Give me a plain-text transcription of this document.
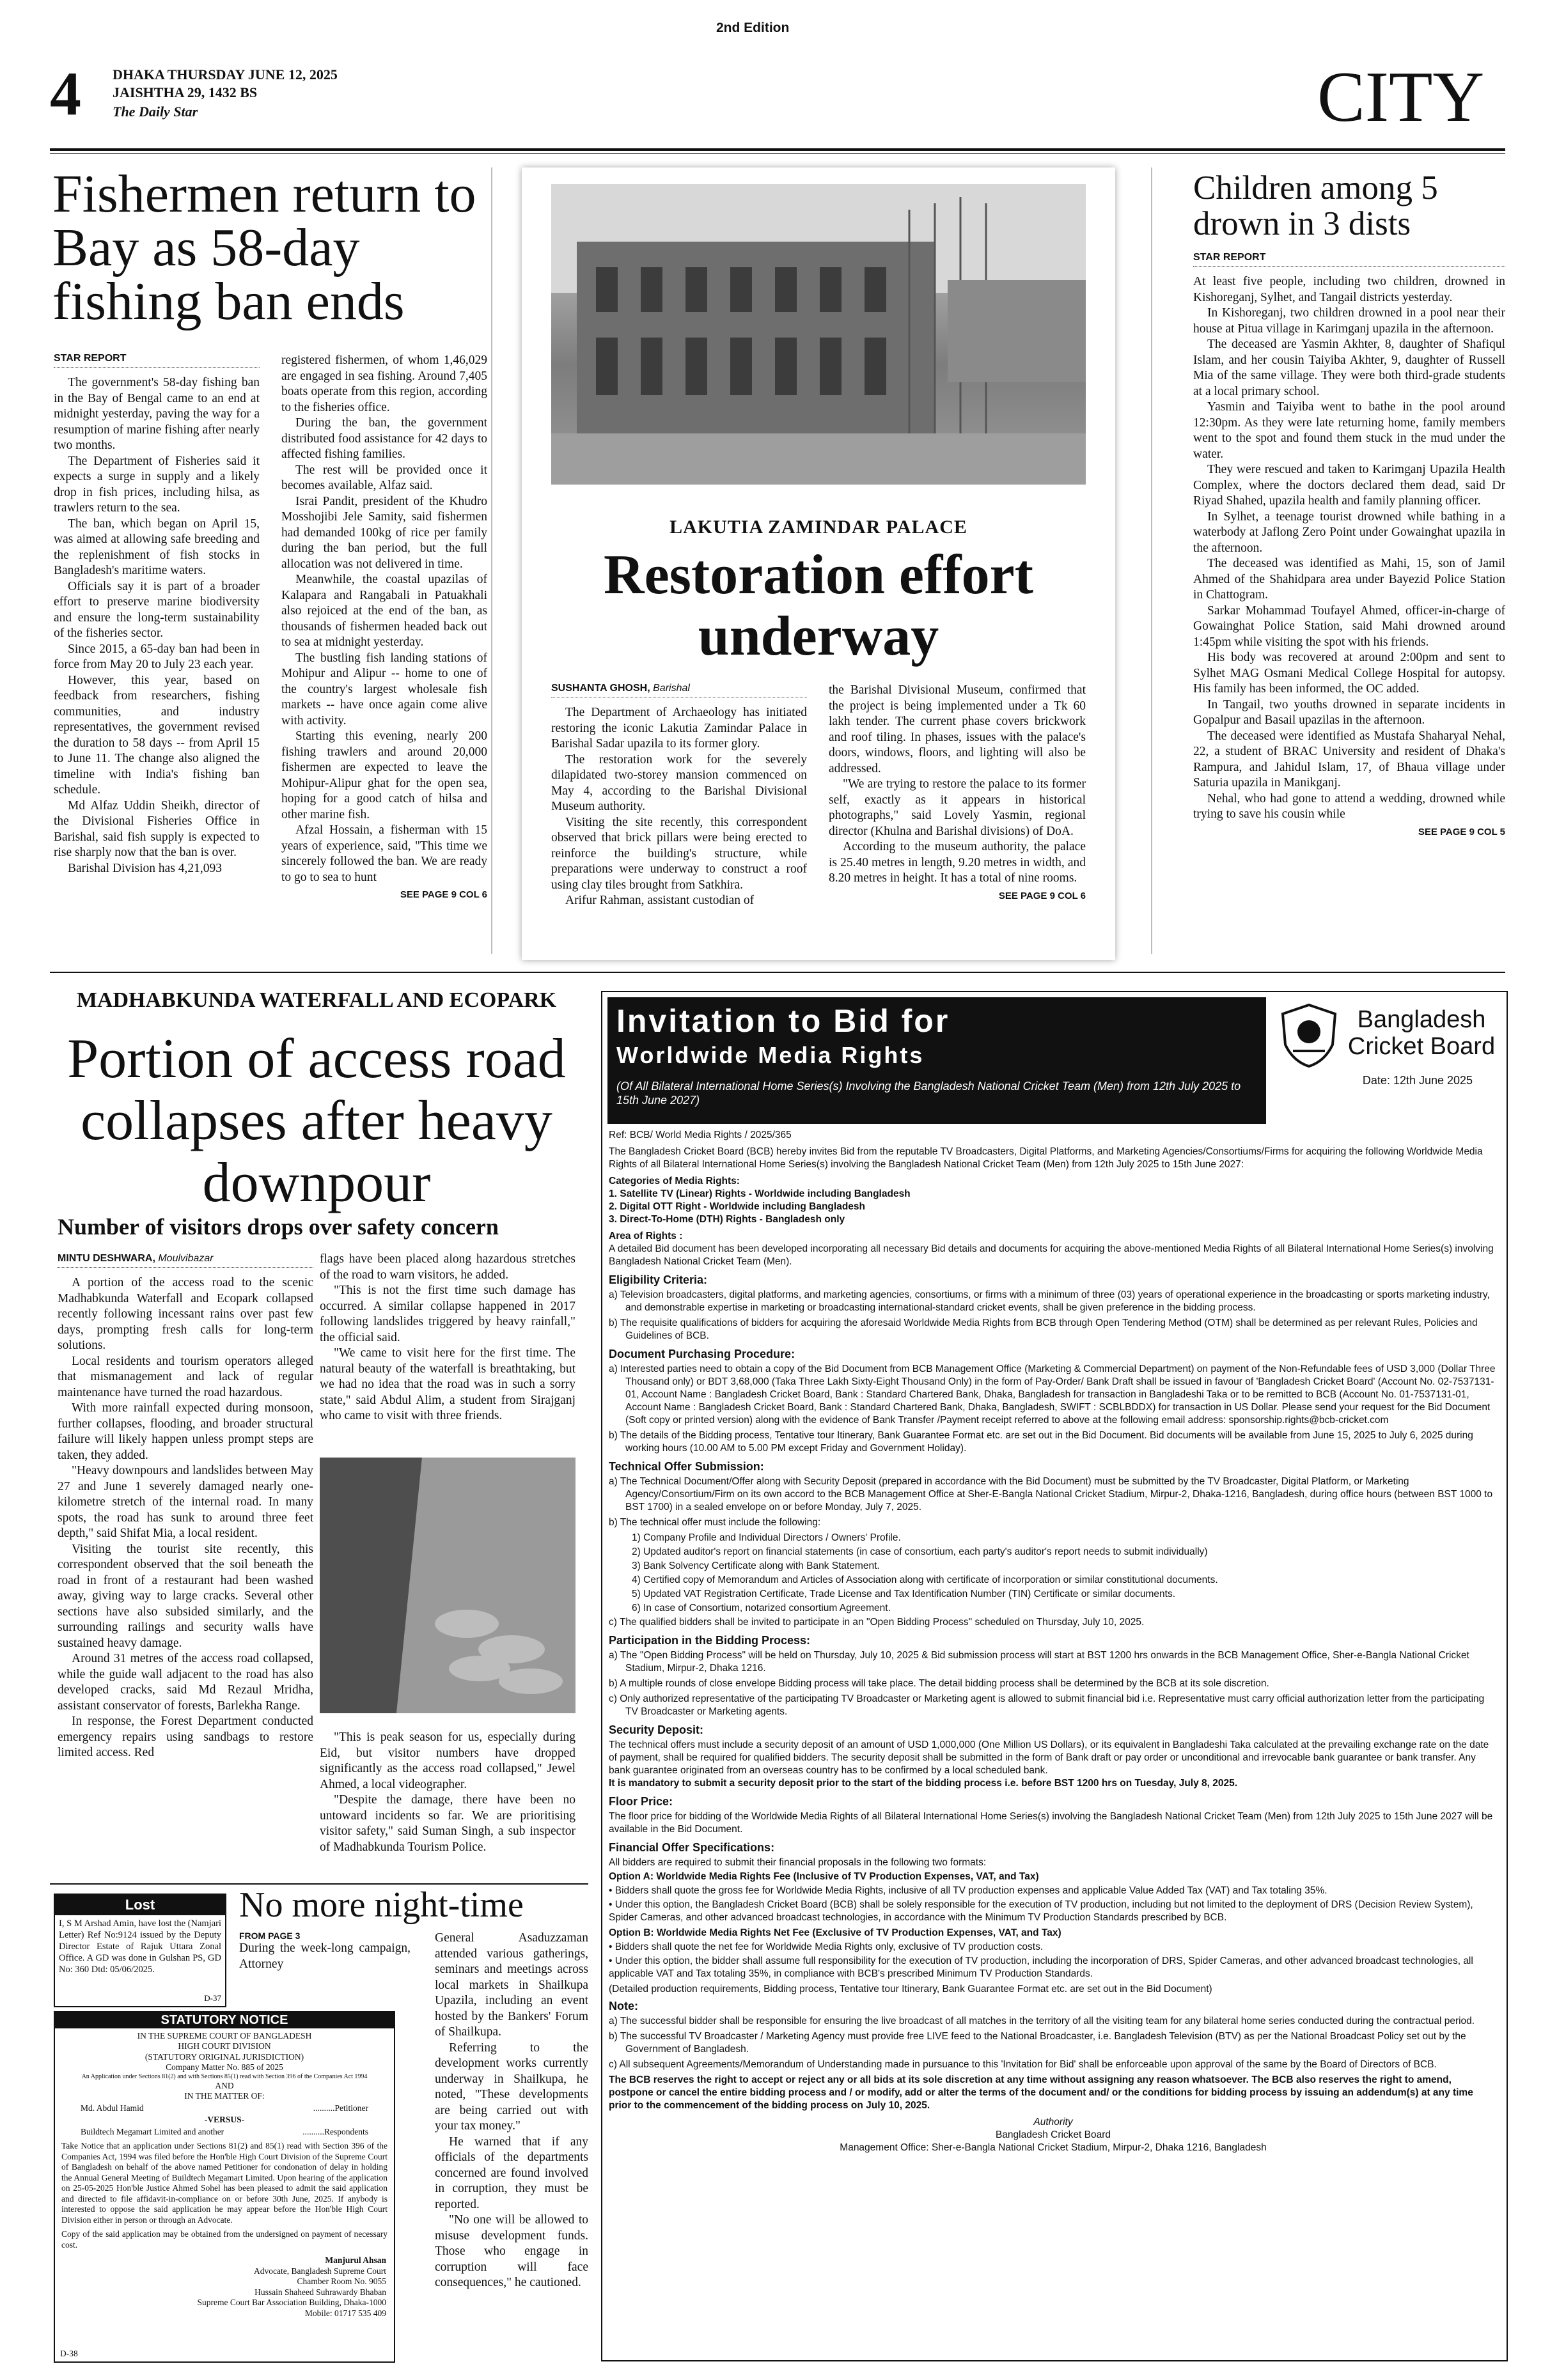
2nd Edition
4 DHAKA THURSDAY JUNE 12, 2025
JAISHTHA 29, 1432 BS
The Daily Star	CITY
Fishermen return to Bay as 58-day fishing ban ends
STAR REPORT

The government's 58-day fishing ban in the Bay of Bengal came to an end at midnight yesterday, paving the way for a resumption of marine fishing after nearly two months.

The Department of Fisheries said it expects a surge in supply and a likely drop in fish prices, including hilsa, as trawlers return to the sea.

The ban, which began on April 15, was aimed at allowing safe breeding and the replenishment of fish stocks in Bangladesh's maritime waters.

Officials say it is part of a broader effort to preserve marine biodiversity and ensure the long-term sustainability of the fisheries sector.

Since 2015, a 65-day ban had been in force from May 20 to July 23 each year.

However, this year, based on feedback from researchers, fishing communities, and industry representatives, the government revised the duration to 58 days -- from April 15 to June 11. The change also aligned the timeline with India's fishing ban schedule.

Md Alfaz Uddin Sheikh, director of the Divisional Fisheries Office in Barishal, said fish supply is expected to rise sharply now that the ban is over.

Barishal Division has 4,21,093

registered fishermen, of whom 1,46,029 are engaged in sea fishing. Around 7,405 boats operate from this region, according to the fisheries office.

During the ban, the government distributed food assistance for 42 days to affected fishing families.

The rest will be provided once it becomes available, Alfaz said.

Israi Pandit, president of the Khudro Mosshojibi Jele Samity, said fishermen had demanded 100kg of rice per family during the ban period, but the full allocation was not delivered in time.

Meanwhile, the coastal upazilas of Kalapara and Rangabali in Patuakhali also rejoiced at the end of the ban, as thousands of fishermen headed back out to sea at midnight yesterday.

The bustling fish landing stations of Mohipur and Alipur -- home to one of the country's largest wholesale fish markets -- have once again come alive with activity.

Starting this evening, nearly 200 fishing trawlers and around 20,000 fishermen are expected to leave the Mohipur-Alipur ghat for the open sea, hoping for a good catch of hilsa and other marine fish.

Afzal Hossain, a fisherman with 15 years of experience, said, "This time we sincerely followed the ban. We are ready to go to sea to hunt

SEE PAGE 9 COL 6
LAKUTIA ZAMINDAR PALACE
Restoration effort underway
SUSHANTA GHOSH, Barishal

The Department of Archaeology has initiated restoring the iconic Lakutia Zamindar Palace in Barishal Sadar upazila to its former glory.

The restoration work for the severely dilapidated two-storey mansion commenced on May 4, according to the Barishal Divisional Museum authority.

Visiting the site recently, this correspondent observed that brick pillars were being erected to reinforce the building's structure, while preparations were underway to construct a roof using clay tiles brought from Satkhira.

Arifur Rahman, assistant custodian of

the Barishal Divisional Museum, confirmed that the project is being implemented under a Tk 60 lakh tender. The current phase covers brickwork and roof tiling. In phases, issues with the palace's doors, windows, floors, and lighting will also be addressed.

"We are trying to restore the palace to its former self, exactly as it appears in historical photographs," said Lovely Yasmin, regional director (Khulna and Barishal divisions) of DoA.

According to the museum authority, the palace is 25.40 metres in length, 9.20 metres in width, and 8.20 metres in height. It has a total of nine rooms.

SEE PAGE 9 COL 6
Children among 5 drown in 3 dists
STAR REPORT

At least five people, including two children, drowned in Kishoreganj, Sylhet, and Tangail districts yesterday.

In Kishoreganj, two children drowned in a pool near their house at Pitua village in Karimganj upazila in the afternoon.

The deceased are Yasmin Akhter, 8, daughter of Shafiqul Islam, and her cousin Taiyiba Akhter, 9, daughter of Russell Mia of the same village. They were both third-grade students at a local primary school.

Yasmin and Taiyiba went to bathe in the pool around 12:30pm. As they were late returning home, family members went to the spot and found them stuck in the mud under the water.

They were rescued and taken to Karimganj Upazila Health Complex, where the doctors declared them dead, said Dr Riyad Shahed, upazila health and family planning officer.

In Sylhet, a teenage tourist drowned while bathing in a waterbody at Jaflong Zero Point under Gowainghat upazila in the afternoon.

The deceased was identified as Mahi, 15, son of Jamil Ahmed of the Shahidpara area under Bayezid Police Station in Chattogram.

Sarkar Mohammad Toufayel Ahmed, officer-in-charge of Gowainghat Police Station, said Mahi drowned around 1:45pm while visiting the spot with his friends.

His body was recovered at around 2:00pm and sent to Sylhet MAG Osmani Medical College Hospital for autopsy. His family has been informed, the OC added.

In Tangail, two youths drowned in separate incidents in Gopalpur and Basail upazilas in the afternoon.

The deceased were identified as Mustafa Shaharyal Nehal, 22, a student of BRAC University and resident of Dhaka's Rampura, and Jahidul Islam, 17, of Bhaua village under Saturia upazila in Manikganj.

Nehal, who had gone to attend a wedding, drowned while trying to save his cousin while

SEE PAGE 9 COL 5
MADHABKUNDA WATERFALL AND ECOPARK
Portion of access road collapses after heavy downpour
Number of visitors drops over safety concern
MINTU DESHWARA, Moulvibazar

A portion of the access road to the scenic Madhabkunda Waterfall and Ecopark collapsed recently following incessant rains over past few days, prompting fresh calls for long-term solutions.

Local residents and tourism operators alleged that mismanagement and lack of regular maintenance have turned the road hazardous.

With more rainfall expected during monsoon, further collapses, flooding, and broader structural failure will likely happen unless prompt steps are taken, they added.

"Heavy downpours and landslides between May 27 and June 1 severely damaged nearly one-kilometre stretch of the internal road. In many spots, the road has sunk to around three feet depth," said Shifat Mia, a local resident.

Visiting the tourist site recently, this correspondent observed that the soil beneath the road in front of a restaurant had been washed away, giving way to large cracks. Several other sections have also subsided similarly, and the surrounding railings and security walls have sustained heavy damage.

Around 31 metres of the access road collapsed, while the guide wall adjacent to the road has also developed cracks, said Md Rezaul Mridha, assistant conservator of forests, Barlekha Range.

In response, the Forest Department conducted emergency repairs using sandbags to restore limited access. Red

flags have been placed along hazardous stretches of the road to warn visitors, he added.

"This is not the first time such damage has occurred. A similar collapse happened in 2017 following landslides triggered by heavy rainfall," the official said.

"We came to visit here for the first time. The natural beauty of the waterfall is breathtaking, but we had no idea that the road was in such a sorry state," said Abdul Alim, a student from Sirajganj who came to visit with three friends.

"This is peak season for us, especially during Eid, but visitor numbers have dropped significantly as the access road collapsed," Jewel Ahmed, a local videographer.

"Despite the damage, there have been no untoward incidents so far. We are prioritising visitor safety," said Suman Singh, a sub inspector of Madhabkunda Tourism Police.

Lost
I, S M Arshad Amin, have lost the (Namjari Letter) Ref No:9124 issued by the Deputy Director Estate of Rajuk Uttara Zonal Office. A GD was done in Gulshan PS, GD No: 360 Dtd: 05/06/2025.
D-37
STATUTORY NOTICE
IN THE SUPREME COURT OF BANGLADESH
HIGH COURT DIVISION
(STATUTORY ORIGINAL JURISDICTION)
Company Matter No. 885 of 2025
An Application under Sections 81(2) and with Sections 85(1) read with Section 396 of the Companies Act 1994
AND
IN THE MATTER OF:
Md. Abdul Hamid	..........Petitioner
-VERSUS-
Buildtech Megamart Limited and another	..........Respondents
Take Notice that an application under Sections 81(2) and 85(1) read with Section 396 of the Companies Act, 1994 was filed before the Hon'ble High Court Division of the Supreme Court of Bangladesh on behalf of the above named Petitioner for condonation of delay in holding the Annual General Meeting of Buildtech Megamart Limited. Upon hearing of the application on 25-05-2025 Hon'ble Justice Ahmed Sohel has been pleased to admit the said application and directed to file affidavit-in-compliance on or before 30th June, 2025. If anybody is interested to oppose the said application he may appear before the Hon'ble High Court Division either in person or through an Advocate.
Copy of the said application may be obtained from the undersigned on payment of necessary cost.
Manjurul Ahsan
Advocate, Bangladesh Supreme Court
Chamber Room No. 9055
Hussain Shaheed Suhrawardy Bhaban
Supreme Court Bar Association Building, Dhaka-1000
Mobile: 01717 535 409
D-38
No more night-time
FROM PAGE 3

During the week-long campaign, Attorney

General Asaduzzaman attended various gatherings, seminars and meetings across local markets in Shailkupa Upazila, including an event hosted by the Bankers' Forum of Shailkupa.

Referring to the development works currently underway in Shailkupa, he noted, "These developments are being carried out with your tax money."

He warned that if any officials of the departments concerned are found involved in corruption, they must be reported.

"No one will be allowed to misuse development funds. Those who engage in corruption will face consequences," he cautioned.

Invitation to Bid for
Worldwide Media Rights
(Of All Bilateral International Home Series(s) Involving the Bangladesh National Cricket Team (Men) from 12th July 2025 to 15th June 2027)
Bangladesh
Cricket Board
Date: 12th June 2025

Ref: BCB/ World Media Rights / 2025/365

The Bangladesh Cricket Board (BCB) hereby invites Bid from the reputable TV Broadcasters, Digital Platforms, and Marketing Agencies/Consortiums/Firms for acquiring the following Worldwide Media Rights of all Bilateral International Home Series(s) involving the Bangladesh National Cricket Team (Men) from 12th July 2025 to 15th June 2027:

Categories of Media Rights:

1. Satellite TV (Linear) Rights - Worldwide including Bangladesh

2. Digital OTT Right - Worldwide including Bangladesh

3. Direct-To-Home (DTH) Rights - Bangladesh only

Area of Rights :

A detailed Bid document has been developed incorporating all necessary Bid details and documents for acquiring the above-mentioned Media Rights of all Bilateral International Home Series(s) involving Bangladesh National Cricket Team (Men).

Eligibility Criteria:

a) Television broadcasters, digital platforms, and marketing agencies, consortiums, or firms with a minimum of three (03) years of operational experience in the broadcasting or sports marketing industry, and demonstrable expertise in marketing or broadcasting international-standard cricket events, shall be given preference in the bidding process.

b) The requisite qualifications of bidders for acquiring the aforesaid Worldwide Media Rights from BCB through Open Tendering Method (OTM) shall be determined as per relevant Rules, Policies and Guidelines of BCB.

Document Purchasing Procedure:

a) Interested parties need to obtain a copy of the Bid Document from BCB Management Office (Marketing & Commercial Department) on payment of the Non-Refundable fees of USD 3,000 (Dollar Three Thousand only) or BDT 3,68,000 (Taka Three Lakh Sixty-Eight Thousand Only) in the form of Pay-Order/ Bank Draft shall be issued in favour of 'Bangladesh Cricket Board' (Account No. 02-7537131-01, Account Name : Bangladesh Cricket Board, Bank : Standard Chartered Bank, Dhaka, Bangladesh for transaction in Bangladeshi Taka or to be remitted to BCB (Account No. 01-7537131-01, Account Name : Bangladesh Cricket Board, Bank : Standard Chartered Bank, Dhaka, Bangladesh, SWIFT : SCBLBDDX) for transaction in US Dollar. Please send your request for the Bid Document (Soft copy or printed version) along with the evidence of Bank Transfer /Payment receipt referred to above at the following email address: sponsorship.rights@bcb-cricket.com

b) The details of the Bidding process, Tentative tour Itinerary, Bank Guarantee Format etc. are set out in the Bid Document. Bid documents will be available from June 15, 2025 to July 6, 2025 during working hours (10.00 AM to 5.00 PM except Friday and Government Holiday).

Technical Offer Submission:

a) The Technical Document/Offer along with Security Deposit (prepared in accordance with the Bid Document) must be submitted by the TV Broadcaster, Digital Platform, or Marketing Agency/Consortium/Firm on its own accord to the BCB Management Office at Sher-E-Bangla National Cricket Stadium, Mirpur-2, Dhaka-1216, Bangladesh, during office hours (between BST 1000 to BST 1700) in a sealed envelope on or before Monday, July 7, 2025.

b) The technical offer must include the following:

1) Company Profile and Individual Directors / Owners' Profile.

2) Updated auditor's report on financial statements (in case of consortium, each party's auditor's report needs to submit individually)

3) Bank Solvency Certificate along with Bank Statement.

4) Certified copy of Memorandum and Articles of Association along with certificate of incorporation or similar constitutional documents.

5) Updated VAT Registration Certificate, Trade License and Tax Identification Number (TIN) Certificate or similar documents.

6) In case of Consortium, notarized consortium Agreement.

c) The qualified bidders shall be invited to participate in an "Open Bidding Process" scheduled on Thursday, July 10, 2025.

Participation in the Bidding Process:

a) The "Open Bidding Process" will be held on Thursday, July 10, 2025 & Bid submission process will start at BST 1200 hrs onwards in the BCB Management Office, Sher-e-Bangla National Cricket Stadium, Mirpur-2, Dhaka 1216.

b) A multiple rounds of close envelope Bidding process will take place. The detail bidding process shall be determined by the BCB at its sole discretion.

c) Only authorized representative of the participating TV Broadcaster or Marketing agent is allowed to submit financial bid i.e. Representative must carry official authorization letter from the participating TV Broadcaster or Marketing agents.

Security Deposit:

The technical offers must include a security deposit of an amount of USD 1,000,000 (One Million US Dollars), or its equivalent in Bangladeshi Taka calculated at the prevailing exchange rate on the date of payment, shall be required for qualified bidders. The security deposit shall be submitted in the form of Bank draft or pay order or unconditional and irrevocable bank guarantee or bank transfer. Any bank guarantee originated from an overseas country has to be confirmed by a local scheduled bank.

It is mandatory to submit a security deposit prior to the start of the bidding process i.e. before BST 1200 hrs on Tuesday, July 8, 2025.

Floor Price:

The floor price for bidding of the Worldwide Media Rights of all Bilateral International Home Series(s) involving the Bangladesh National Cricket Team (Men) from 12th July 2025 to 15th June 2027 will be available in the Bid Document.

Financial Offer Specifications:

All bidders are required to submit their financial proposals in the following two formats:

Option A: Worldwide Media Rights Fee (Inclusive of TV Production Expenses, VAT, and Tax)

• Bidders shall quote the gross fee for Worldwide Media Rights, inclusive of all TV production expenses and applicable Value Added Tax (VAT) and Tax totaling 35%.

• Under this option, the Bangladesh Cricket Board (BCB) shall be solely responsible for the execution of TV production, including but not limited to the deployment of DRS (Decision Review System), Spider Cameras, and other advanced broadcast technologies, in accordance with the Minimum TV Production Standards prescribed by BCB.

Option B: Worldwide Media Rights Net Fee (Exclusive of TV Production Expenses, VAT, and Tax)

• Bidders shall quote the net fee for Worldwide Media Rights only, exclusive of TV production costs.

• Under this option, the bidder shall assume full responsibility for the execution of TV production, including the incorporation of DRS, Spider Cameras, and other advanced broadcast technologies, all applicable VAT and Tax totaling 35%, in compliance with BCB's prescribed Minimum TV Production Standards.

(Detailed production requirements, Bidding process, Tentative tour Itinerary, Bank Guarantee Format etc. are set out in the Bid Document)

Note:

a) The successful bidder shall be responsible for ensuring the live broadcast of all matches in the territory of all the visiting team for any bilateral home series conducted during the contractual period.

b) The successful TV Broadcaster / Marketing Agency must provide free LIVE feed to the National Broadcaster, i.e. Bangladesh Television (BTV) as per the National Broadcast Policy set out by the Government of Bangladesh.

c) All subsequent Agreements/Memorandum of Understanding made in pursuance to this 'Invitation for Bid' shall be enforceable upon approval of the same by the Board of Directors of BCB.

The BCB reserves the right to accept or reject any or all bids at its sole discretion at any time without assigning any reason whatsoever. The BCB also reserves the right to amend, postpone or cancel the entire bidding process and / or modify, add or alter the terms of the document and/ or the conditions for bidding process by issuing an addendum(s) at any time prior to the commencement of the bidding process on July 10, 2025.

Authority

Bangladesh Cricket Board

Management Office: Sher-e-Bangla National Cricket Stadium, Mirpur-2, Dhaka 1216, Bangladesh
